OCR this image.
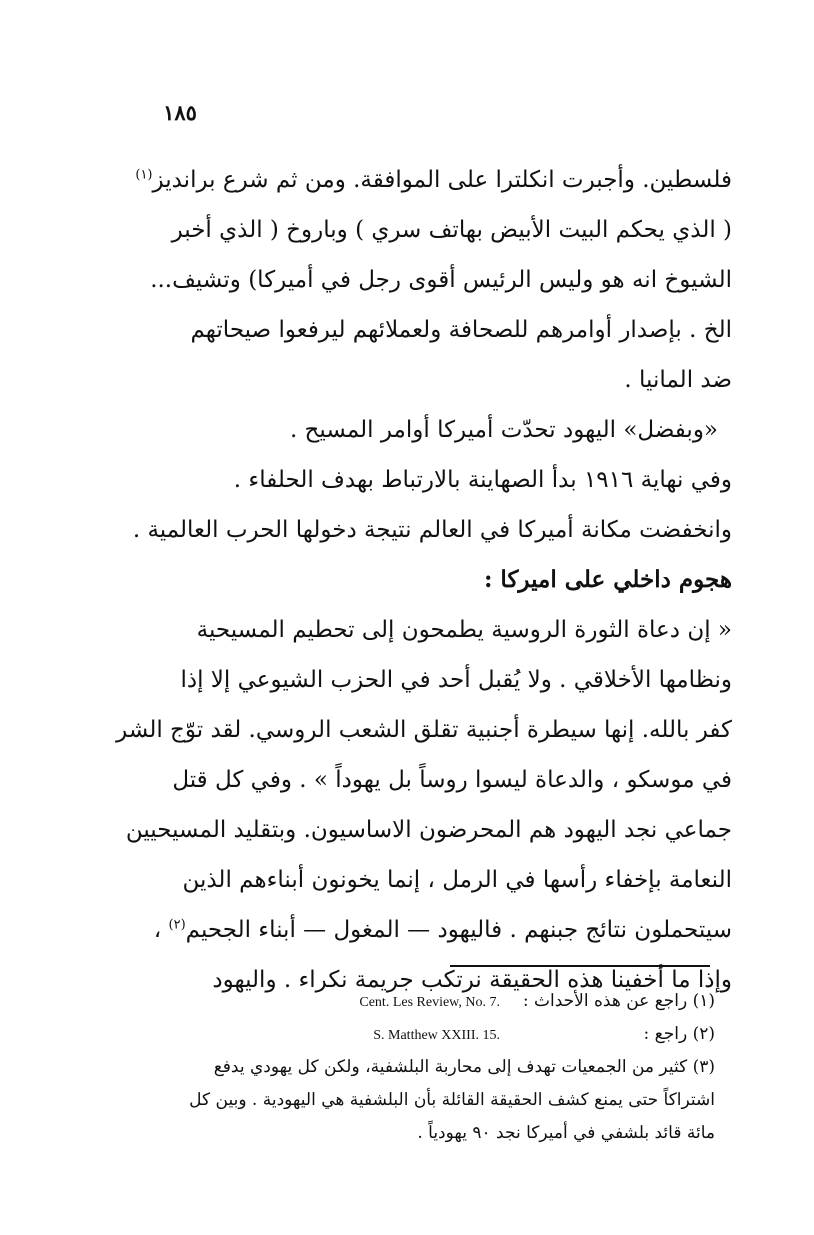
١٨٥
فلسطين. وأجبرت انكلترا على الموافقة. ومن ثم شرع براندیز$^{(١)}$
( الذي يحكم البيت الأبيض بهاتف سري ) وباروخ ( الذي أخبر
الشيوخ انه هو وليس الرئيس أقوى رجل في أميركا) وتشيف...
الخ . بإصدار أوامرهم للصحافة ولعملائهم ليرفعوا صيحاتهم
ضد المانيا .
«وبفضل» اليهود تحدّت أميركا أوامر المسيح .
وفي نهاية ١٩١٦ بدأ الصهاينة بالارتباط بهدف الحلفاء .
وانخفضت مكانة أميركا في العالم نتيجة دخولها الحرب العالمية .
هجوم داخلي على اميركا :
« إن دعاة الثورة الروسية يطمحون إلى تحطيم المسيحية
ونظامها الأخلاقي . ولا يُقبل أحد في الحزب الشيوعي إلا إذا
كفر بالله. إنها سيطرة أجنبية تقلق الشعب الروسي. لقد توّج الشر
في موسكو ، والدعاة ليسوا روساً بل يهوداً » . وفي كل قتل
جماعي نجد اليهود هم المحرضون الاساسيون. وبتقليد المسيحيين
النعامة بإخفاء رأسها في الرمل ، إنما يخونون أبناءهم الذين
سيتحملون نتائج جبنهم . فاليهود — المغول — أبناء الجحيم$^{(٢)}$ ،
وإذا ما أخفينا هذه الحقيقة نرتكب جريمة نكراء . واليهود
(١) راجع عن هذه الأحداث :Cent. Les Review, No. 7.
(٢) راجع :S. Matthew XXIII. 15.
(٣) كثير من الجمعيات تهدف إلى محاربة البلشفية، ولكن كل يهودي يدفع
اشتراكاً حتى يمنع كشف الحقيقة القائلة بأن البلشفية هي اليهودية . وبين كل
مائة قائد بلشفي في أميركا نجد ٩٠ يهودياً .
